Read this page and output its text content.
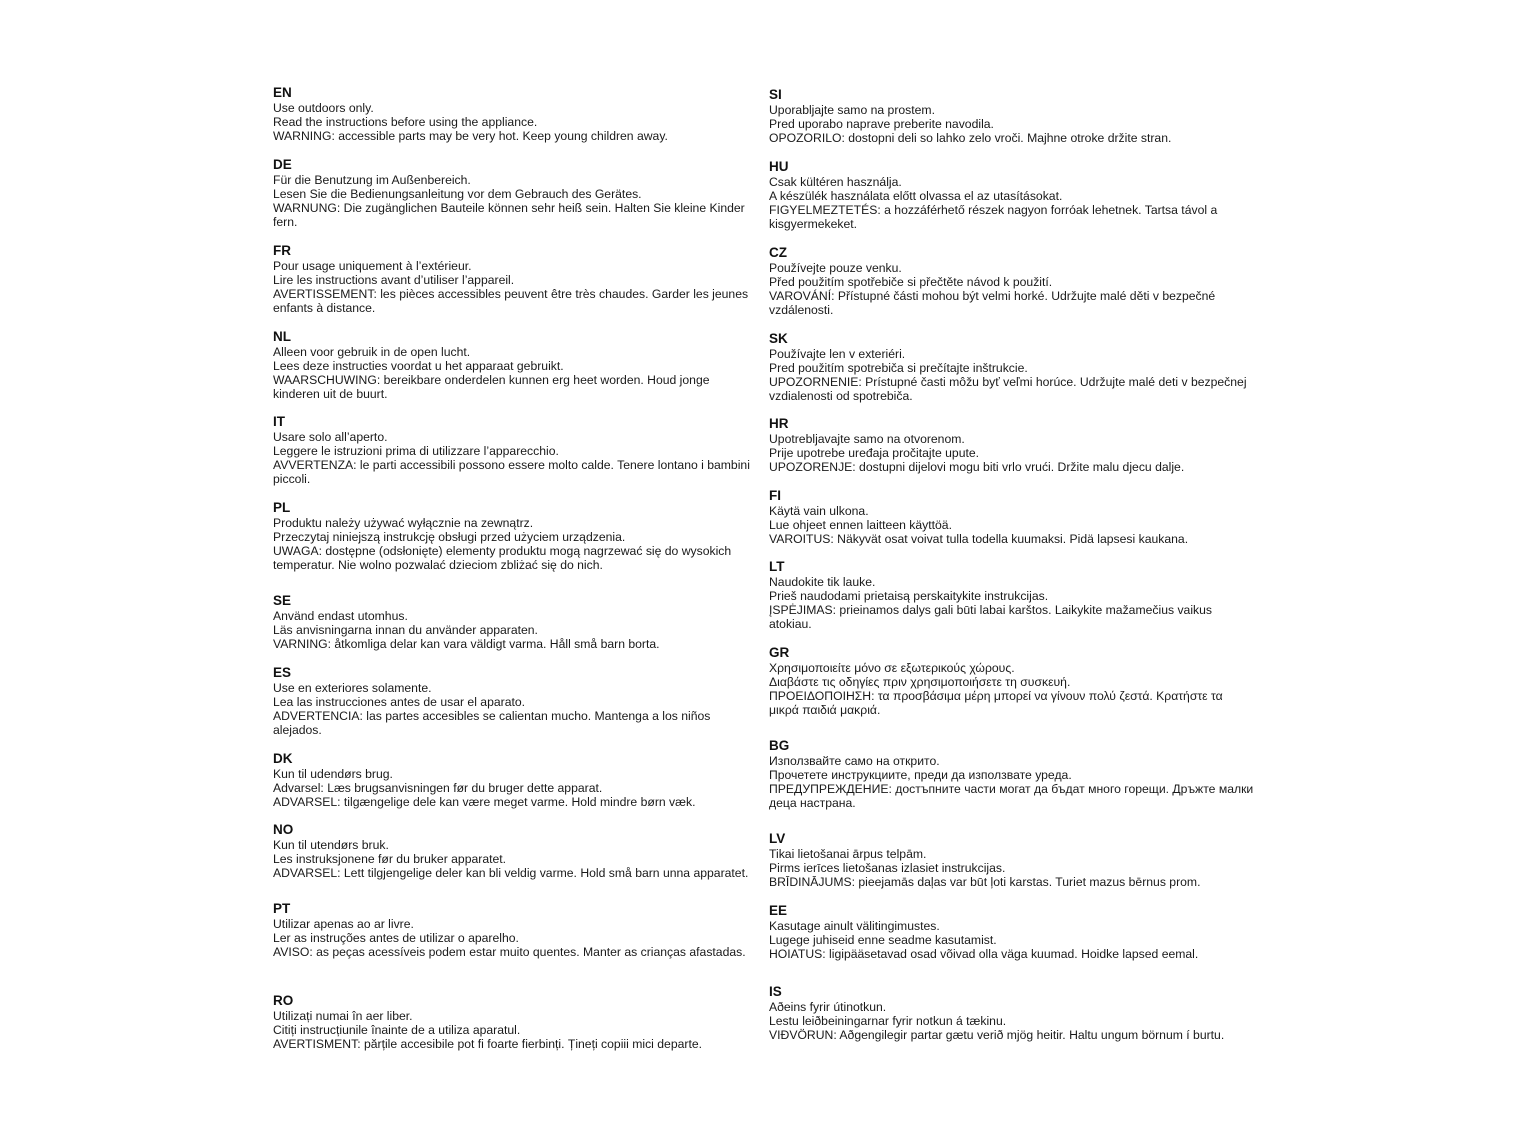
EN
Use outdoors only.
Read the instructions before using the appliance.
WARNING: accessible parts may be very hot. Keep young children away.
DE
Für die Benutzung im Außenbereich.
Lesen Sie die Bedienungsanleitung vor dem Gebrauch des Gerätes.
WARNUNG: Die zugänglichen Bauteile können sehr heiß sein. Halten Sie kleine Kinder fern.
FR
Pour usage uniquement à l’extérieur.
Lire les instructions avant d’utiliser l’appareil.
AVERTISSEMENT: les pièces accessibles peuvent être très chaudes. Garder les jeunes enfants à distance.
NL
Alleen voor gebruik in de open lucht.
Lees deze instructies voordat u het apparaat gebruikt.
WAARSCHUWING: bereikbare onderdelen kunnen erg heet worden. Houd jonge kinderen uit de buurt.
IT
Usare solo all’aperto.
Leggere le istruzioni prima di utilizzare l’apparecchio.
AVVERTENZA: le parti accessibili possono essere molto calde. Tenere lontano i bambini piccoli.
PL
Produktu należy używać wyłącznie na zewnątrz.
Przeczytaj niniejszą instrukcję obsługi przed użyciem urządzenia.
UWAGA: dostępne (odsłonięte) elementy produktu mogą nagrzewać się do wysokich temperatur. Nie wolno pozwalać dzieciom zbliżać się do nich.
SE
Använd endast utomhus.
Läs anvisningarna innan du använder apparaten.
VARNING: åtkomliga delar kan vara väldigt varma. Håll små barn borta.
ES
Use en exteriores solamente.
Lea las instrucciones antes de usar el aparato.
ADVERTENCIA: las partes accesibles se calientan mucho. Mantenga a los niños alejados.
DK
Kun til udendørs brug.
Advarsel: Læs brugsanvisningen før du bruger dette apparat.
ADVARSEL: tilgængelige dele kan være meget varme. Hold mindre børn væk.
NO
Kun til utendørs bruk.
Les instruksjonene før du bruker apparatet.
ADVARSEL: Lett tilgjengelige deler kan bli veldig varme. Hold små barn unna apparatet.
PT
Utilizar apenas ao ar livre.
Ler as instruções antes de utilizar o aparelho.
AVISO: as peças acessíveis podem estar muito quentes. Manter as crianças afastadas.
RO
Utilizați numai în aer liber.
Citiți instrucțiunile înainte de a utiliza aparatul.
AVERTISMENT: părțile accesibile pot fi foarte fierbinți. Țineți copiii mici departe.
SI
Uporabljajte samo na prostem.
Pred uporabo naprave preberite navodila.
OPOZORILO: dostopni deli so lahko zelo vroči. Majhne otroke držite stran.
HU
Csak kültéren használja.
A készülék használata előtt olvassa el az utasításokat.
FIGYELMEZTETÉS: a hozzáférhető részek nagyon forróak lehetnek. Tartsa távol a kisgyermekeket.
CZ
Používejte pouze venku.
Před použitím spotřebiče si přečtěte návod k použití.
VAROVÁNÍ: Přístupné části mohou být velmi horké. Udržujte malé děti v bezpečné vzdálenosti.
SK
Používajte len v exteriéri.
Pred použitím spotrebiča si prečítajte inštrukcie.
UPOZORNENIE: Prístupné časti môžu byť veľmi horúce. Udržujte malé deti v bezpečnej vzdialenosti od spotrebiča.
HR
Upotrebljavajte samo na otvorenom.
Prije upotrebe uređaja pročitajte upute.
UPOZORENJE: dostupni dijelovi mogu biti vrlo vrući. Držite malu djecu dalje.
FI
Käytä vain ulkona.
Lue ohjeet ennen laitteen käyttöä.
VAROITUS: Näkyvät osat voivat tulla todella kuumaksi. Pidä lapsesi kaukana.
LT
Naudokite tik lauke.
Prieš naudodami prietaisą perskaitykite instrukcijas.
ĮSPĖJIMAS: prieinamos dalys gali būti labai karštos. Laikykite mažamečius vaikus atokiau.
GR
Χρησιμοποιείτε μόνο σε εξωτερικούς χώρους.
Διαβάστε τις οδηγίες πριν χρησιμοποιήσετε τη συσκευή.
ΠΡΟΕΙΔΟΠΟΙΗΣΗ: τα προσβάσιμα μέρη μπορεί να γίνουν πολύ ζεστά. Κρατήστε τα μικρά παιδιά μακριά.
BG
Използвайте само на открито.
Прочетете инструкциите, преди да използвате уреда.
ПРЕДУПРЕЖДЕНИЕ: достъпните части могат да бъдат много горещи. Дръжте малки деца настрана.
LV
Tikai lietošanai ārpus telpām.
Pirms ierīces lietošanas izlasiet instrukcijas.
BRĪDINĀJUMS: pieejamās daļas var būt ļoti karstas. Turiet mazus bērnus prom.
EE
Kasutage ainult välitingimustes.
Lugege juhiseid enne seadme kasutamist.
HOIATUS: ligipääsetavad osad võivad olla väga kuumad. Hoidke lapsed eemal.
IS
Aðeins fyrir útinotkun.
Lestu leiðbeiningarnar fyrir notkun á tækinu.
VIÐVÖRUN: Aðgengilegir partar gætu verið mjög heitir. Haltu ungum börnum í burtu.
